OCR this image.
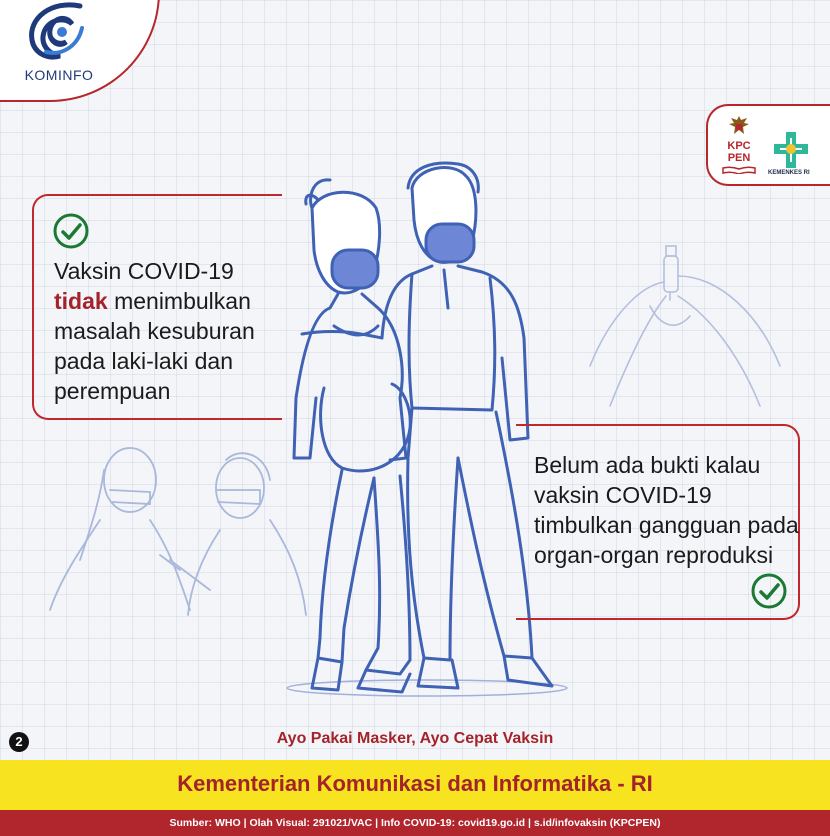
KOMINFO
KPC
PEN
KEMENKES RI
Vaksin COVID-19
tidak menimbulkan masalah kesuburan pada laki-laki dan perempuan
Belum ada bukti kalau vaksin COVID-19 timbulkan gangguan pada organ-organ reproduksi
2	Ayo Pakai Masker, Ayo Cepat Vaksin
Kementerian Komunikasi dan Informatika - RI
Sumber: WHO | Olah Visual: 291021/VAC | Info COVID-19: covid19.go.id | s.id/infovaksin (KPCPEN)
